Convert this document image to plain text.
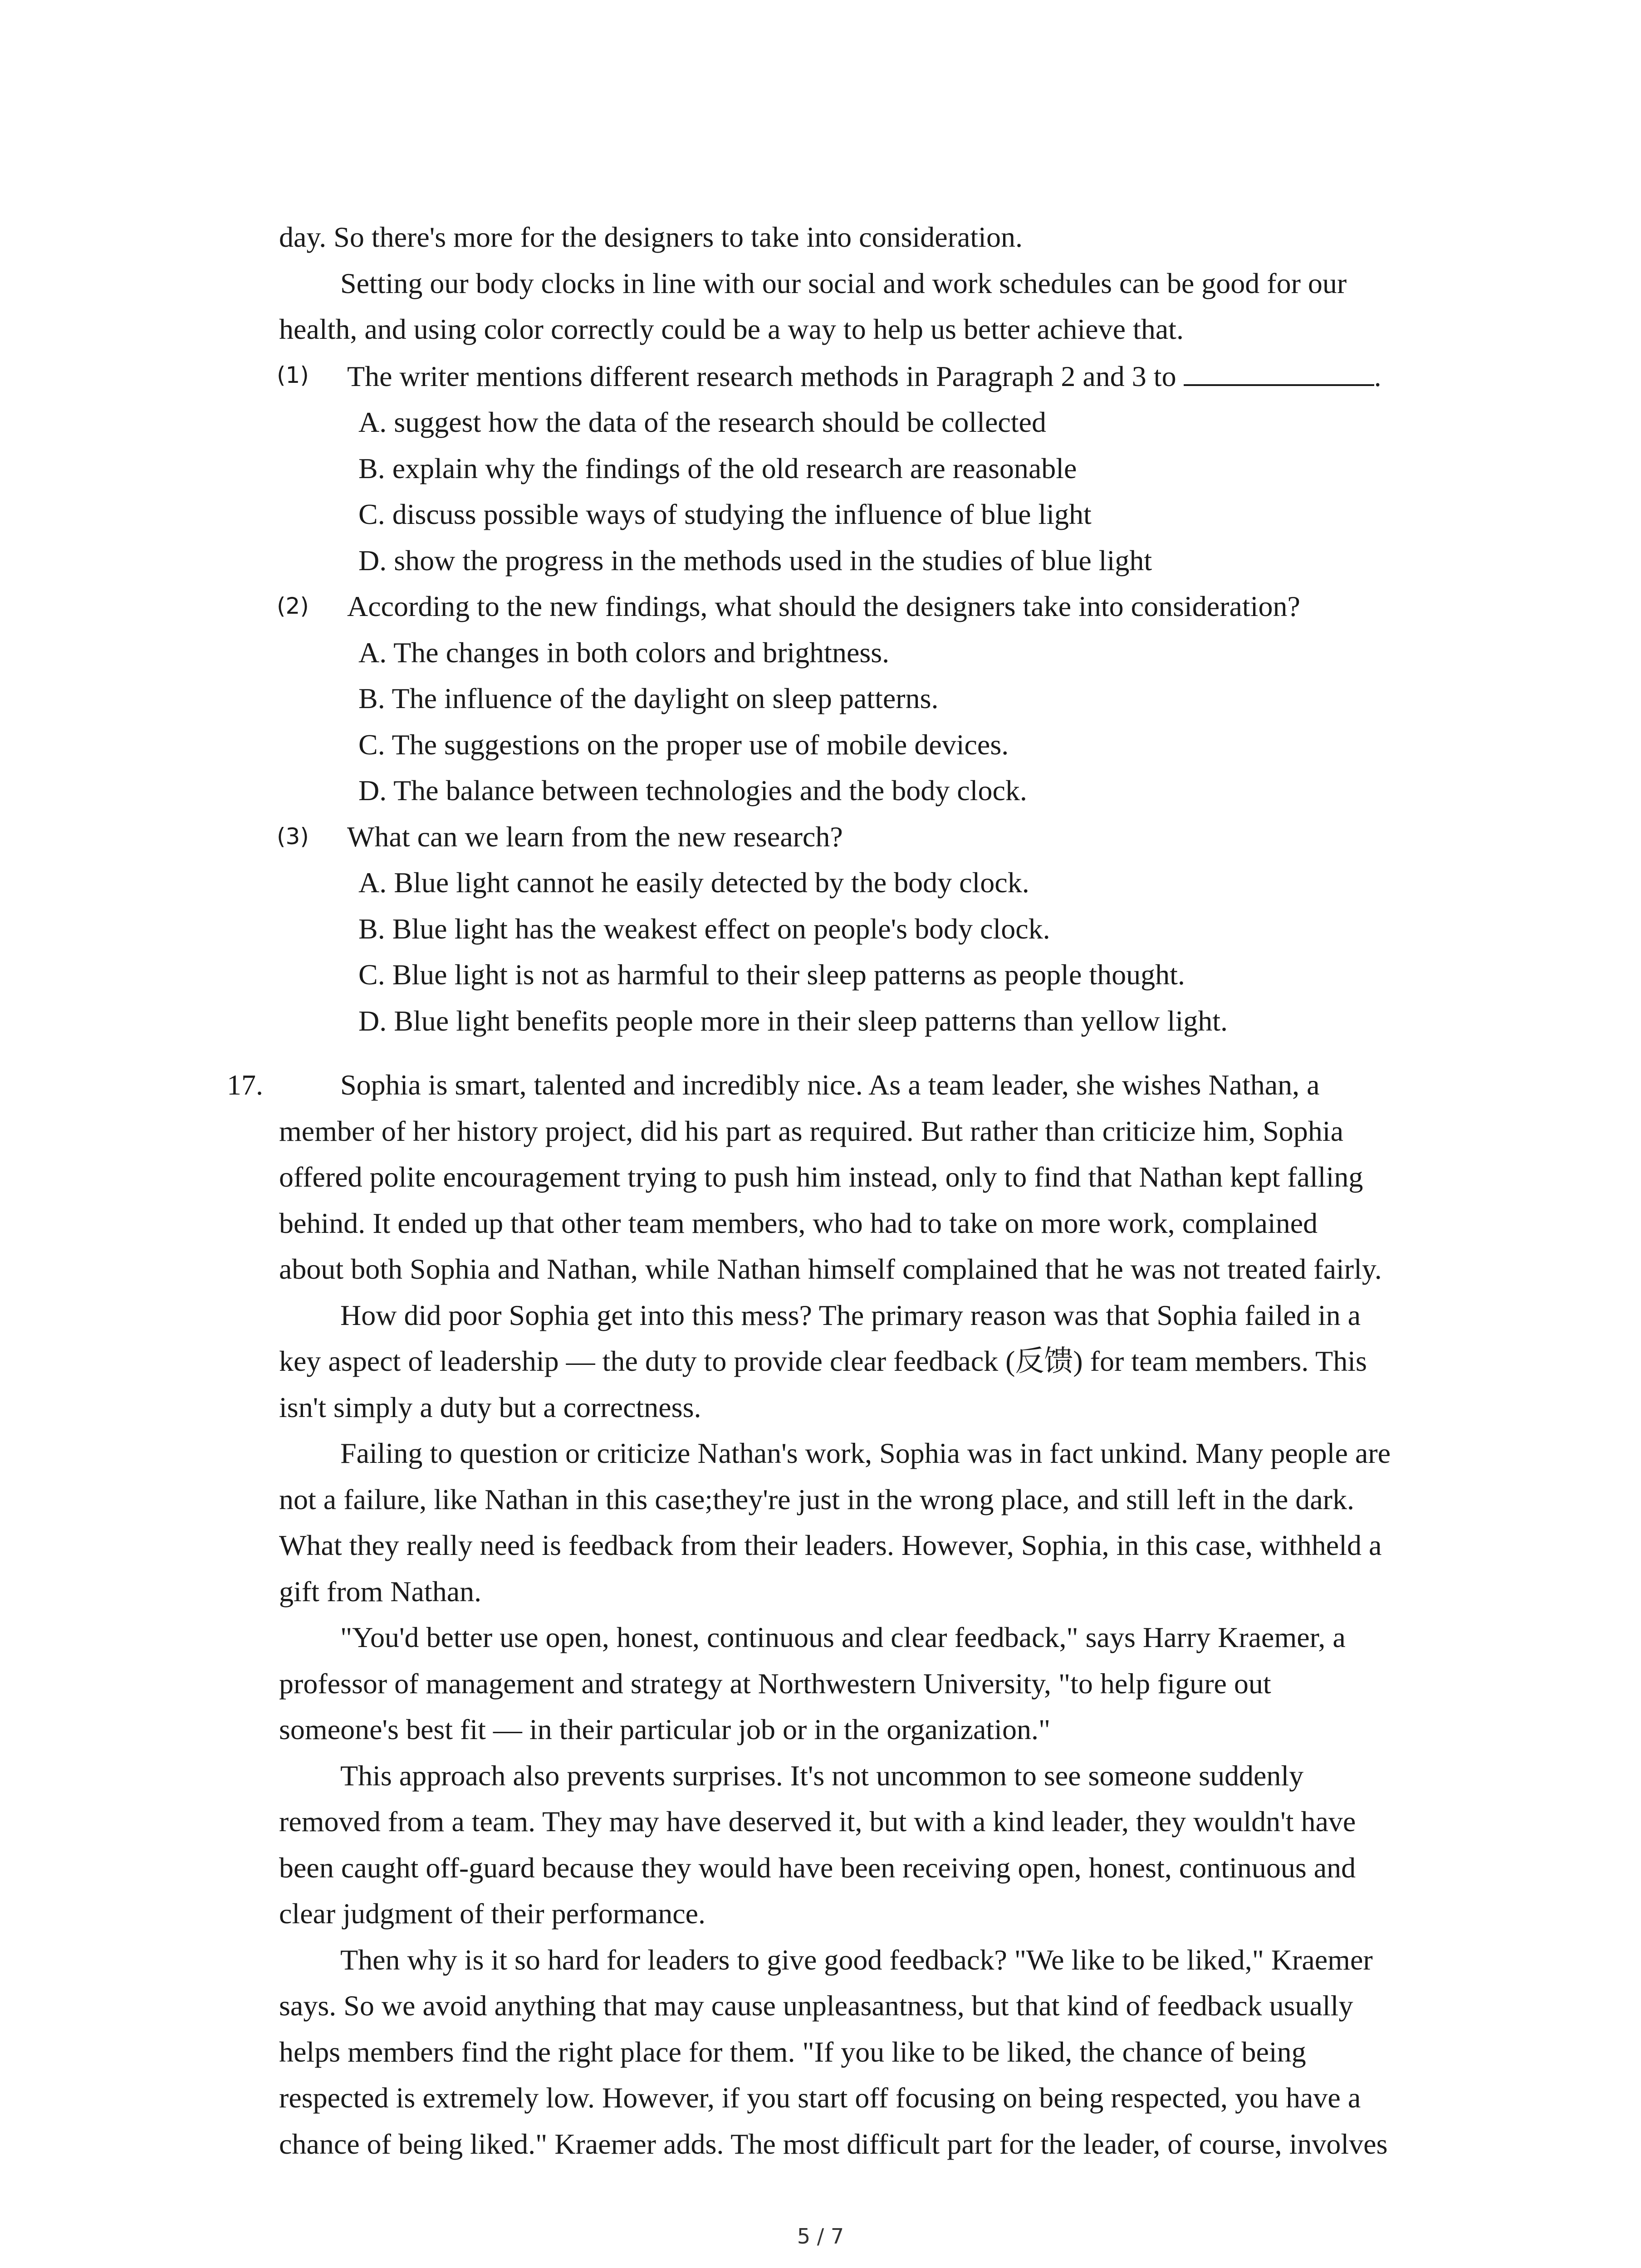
day. So there's more for the designers to take into consideration.
Setting our body clocks in line with our social and work schedules can be good for our
health, and using color correctly could be a way to help us better achieve that.
(1) The writer mentions different research methods in Paragraph 2 and 3 to	.
A. suggest how the data of the research should be collected
B. explain why the findings of the old research are reasonable
C. discuss possible ways of studying the influence of blue light
D. show the progress in the methods used in the studies of blue light
(2) According to the new findings, what should the designers take into consideration?
A. The changes in both colors and brightness.
B. The influence of the daylight on sleep patterns.
C. The suggestions on the proper use of mobile devices.
D. The balance between technologies and the body clock.
(3) What can we learn from the new research?
A. Blue light cannot he easily detected by the body clock.
B. Blue light has the weakest effect on people's body clock.
C. Blue light is not as harmful to their sleep patterns as people thought.
D. Blue light benefits people more in their sleep patterns than yellow light.
17.	Sophia is smart, talented and incredibly nice. As a team leader, she wishes Nathan, a
member of her history project, did his part as required. But rather than criticize him, Sophia
offered polite encouragement trying to push him instead, only to find that Nathan kept falling
behind. It ended up that other team members, who had to take on more work, complained
about both Sophia and Nathan, while Nathan himself complained that he was not treated fairly.
How did poor Sophia get into this mess? The primary reason was that Sophia failed in a
key aspect of leadership — the duty to provide clear feedback (反馈) for team members. This
isn't simply a duty but a correctness.
Failing to question or criticize Nathan's work, Sophia was in fact unkind. Many people are
not a failure, like Nathan in this case;they're just in the wrong place, and still left in the dark.
What they really need is feedback from their leaders. However, Sophia, in this case, withheld a
gift from Nathan.
"You'd better use open, honest, continuous and clear feedback," says Harry Kraemer, a
professor of management and strategy at Northwestern University, "to help figure out
someone's best fit — in their particular job or in the organization."
This approach also prevents surprises. It's not uncommon to see someone suddenly
removed from a team. They may have deserved it, but with a kind leader, they wouldn't have
been caught off-guard because they would have been receiving open, honest, continuous and
clear judgment of their performance.
Then why is it so hard for leaders to give good feedback? "We like to be liked," Kraemer
says. So we avoid anything that may cause unpleasantness, but that kind of feedback usually
helps members find the right place for them. "If you like to be liked, the chance of being
respected is extremely low. However, if you start off focusing on being respected, you have a
chance of being liked." Kraemer adds. The most difficult part for the leader, of course, involves
5 / 7
